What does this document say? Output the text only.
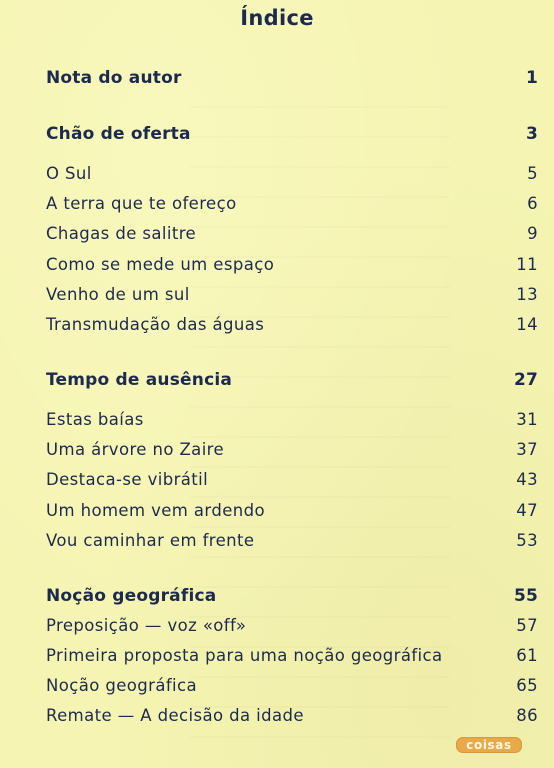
Índice
Nota do autor	1
Chão de oferta	3
O Sul	5
A terra que te ofereço	6
Chagas de salitre	9
Como se mede um espaço	11
Venho de um sul	13
Transmudação das águas	14
Tempo de ausência	27
Estas baías	31
Uma árvore no Zaire	37
Destaca-se vibrátil	43
Um homem vem ardendo	47
Vou caminhar em frente	53
Noção geográfica	55
Preposição — voz «off»	57
Primeira proposta para uma noção geográfica	61
Noção geográfica	65
Remate — A decisão da idade	86
coisas
